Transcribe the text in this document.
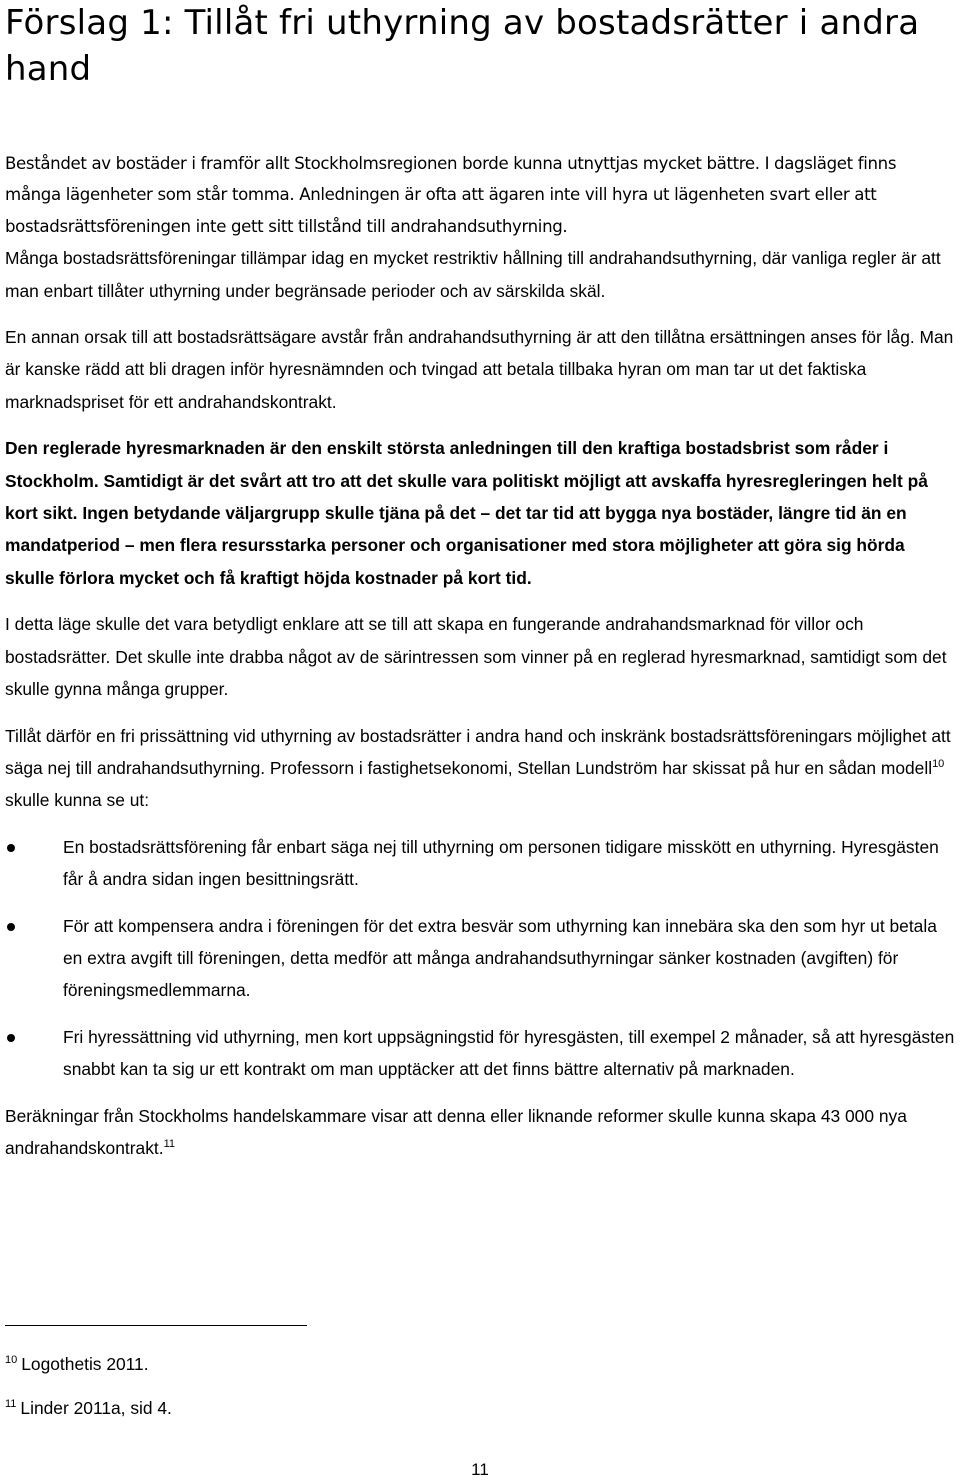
Förslag 1: Tillåt fri uthyrning av bostadsrätter i andra hand

Beståndet av bostäder i framför allt Stockholmsregionen borde kunna utnyttjas mycket bättre. I dagsläget finns många lägenheter som står tomma. Anledningen är ofta att ägaren inte vill hyra ut lägenheten svart eller att bostadsrättsföreningen inte gett sitt tillstånd till andrahandsuthyrning.

Många bostadsrättsföreningar tillämpar idag en mycket restriktiv hållning till andrahandsuthyrning, där vanliga regler är att man enbart tillåter uthyrning under begränsade perioder och av särskilda skäl.

En annan orsak till att bostadsrättsägare avstår från andrahandsuthyrning är att den tillåtna ersättningen anses för låg. Man är kanske rädd att bli dragen inför hyresnämnden och tvingad att betala tillbaka hyran om man tar ut det faktiska marknadspriset för ett andrahandskontrakt.

Den reglerade hyresmarknaden är den enskilt största anledningen till den kraftiga bostadsbrist som råder i Stockholm. Samtidigt är det svårt att tro att det skulle vara politiskt möjligt att avskaffa hyresregleringen helt på kort sikt. Ingen betydande väljargrupp skulle tjäna på det – det tar tid att bygga nya bostäder, längre tid än en mandatperiod – men flera resursstarka personer och organisationer med stora möjligheter att göra sig hörda skulle förlora mycket och få kraftigt höjda kostnader på kort tid.

I detta läge skulle det vara betydligt enklare att se till att skapa en fungerande andrahandsmarknad för villor och bostadsrätter. Det skulle inte drabba något av de särintressen som vinner på en reglerad hyresmarknad, samtidigt som det skulle gynna många grupper.

Tillåt därför en fri prissättning vid uthyrning av bostadsrätter i andra hand och inskränk bostadsrättsföreningars möjlighet att säga nej till andrahandsuthyrning. Professorn i fastighetsekonomi, Stellan Lundström har skissat på hur en sådan modell$^{10}$ skulle kunna se ut:

En bostadsrättsförening får enbart säga nej till uthyrning om personen tidigare misskött en uthyrning. Hyresgästen får å andra sidan ingen besittningsrätt.
För att kompensera andra i föreningen för det extra besvär som uthyrning kan innebära ska den som hyr ut betala en extra avgift till föreningen, detta medför att många andrahandsuthyrningar sänker kostnaden (avgiften) för föreningsmedlemmarna.
Fri hyressättning vid uthyrning, men kort uppsägningstid för hyresgästen, till exempel 2 månader, så att hyresgästen snabbt kan ta sig ur ett kontrakt om man upptäcker att det finns bättre alternativ på marknaden.

Beräkningar från Stockholms handelskammare visar att denna eller liknande reformer skulle kunna skapa 43 000 nya andrahandskontrakt.$^{11}$

$^{10}$ Logothetis 2011.
$^{11}$ Linder 2011a, sid 4.
11
